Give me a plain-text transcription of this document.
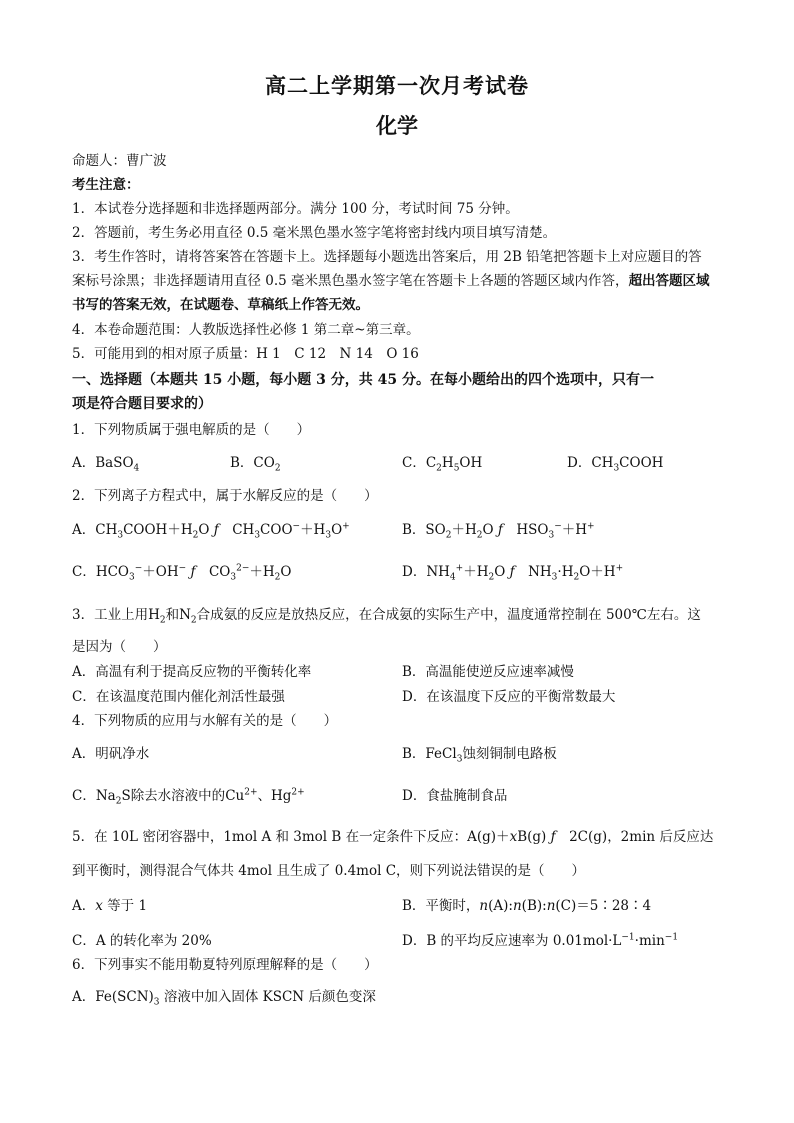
高二上学期第一次月考试卷
化学
命题人：曹广波
考生注意：
1．本试卷分选择题和非选择题两部分。满分 100 分，考试时间 75 分钟。
2．答题前，考生务必用直径 0.5 毫米黑色墨水签字笔将密封线内项目填写清楚。
3．考生作答时，请将答案答在答题卡上。选择题每小题选出答案后，用 2B 铅笔把答题卡上对应题目的答
案标号涂黑；非选择题请用直径 0.5 毫米黑色墨水签字笔在答题卡上各题的答题区域内作答，超出答题区域
书写的答案无效，在试题卷、草稿纸上作答无效。
4．本卷命题范围：人教版选择性必修 1 第二章~第三章。
5．可能用到的相对原子质量：H 1　C 12　N 14　O 16
一、选择题（本题共 15 小题，每小题 3 分，共 45 分。在每小题给出的四个选项中，只有一
项是符合题目要求的）
1．下列物质属于强电解质的是（　　）
A．BaSO$_4$	B．$CO_2$	C．$C_2H_5OH$	D．$CH_3COOH$
2．下列离子方程式中，属于水解反应的是（　　）
A．$CH_3COOH+H_2O$ ƒ　$CH_3COO^-+H_3O^+$	B．$SO_2+H_2O$ ƒ　$HSO_3^-+H^+$
C．$HCO_3^-+OH^-$ ƒ　$CO_3^{2-}+H_2O$	D．$NH_4^++H_2O$ ƒ　$NH_3\cdot H_2O+H^+$
3．工业上用$H_2$和$N_2$合成氨的反应是放热反应，在合成氨的实际生产中，温度通常控制在 500℃左右。这
是因为（　　）
A．高温有利于提高反应物的平衡转化率	B．高温能使逆反应速率减慢
C．在该温度范围内催化剂活性最强	D．在该温度下反应的平衡常数最大
4．下列物质的应用与水解有关的是（　　）
A．明矾净水	B．FeCl$_3$蚀刻铜制电路板
C．$Na_2S$除去水溶液中的$Cu^{2+}$、$Hg^{2+}$	D．食盐腌制食品
5．在 10L 密闭容器中，1mol A 和 3mol B 在一定条件下反应：A(g)＋xB(g) ƒ　2C(g)，2min 后反应达
到平衡时，测得混合气体共 4mol 且生成了 0.4mol C，则下列说法错误的是（　　）
A．x 等于 1	B．平衡时，n(A):n(B):n(C)＝5∶28∶4
C．A 的转化率为 20%	D．B 的平均反应速率为 $0.01mol\cdot L^{-1}\cdot\min^{-1}$
6．下列事实不能用勒夏特列原理解释的是（　　）
A．$Fe(SCN)_3$ 溶液中加入固体 KSCN 后颜色变深
